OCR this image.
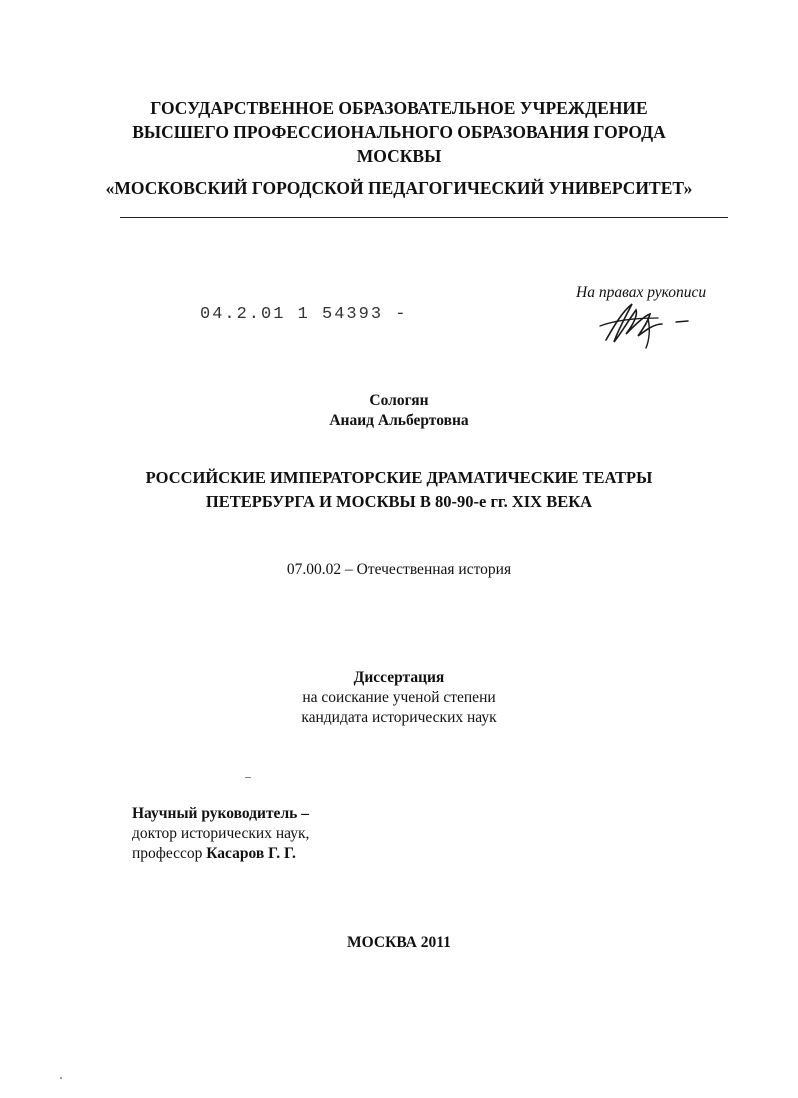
ГОСУДАРСТВЕННОЕ ОБРАЗОВАТЕЛЬНОЕ УЧРЕЖДЕНИЕ
ВЫСШЕГО ПРОФЕССИОНАЛЬНОГО ОБРАЗОВАНИЯ ГОРОДА
МОСКВЫ
«МОСКОВСКИЙ ГОРОДСКОЙ ПЕДАГОГИЧЕСКИЙ УНИВЕРСИТЕТ»
На правах рукописи
04.2.01 1 54393 -
Сологян
Анаид Альбертовна
РОССИЙСКИЕ ИМПЕРАТОРСКИЕ ДРАМАТИЧЕСКИЕ ТЕАТРЫ
ПЕТЕРБУРГА И МОСКВЫ В 80-90-е гг. XIX ВЕКА
07.00.02 – Отечественная история
Диссертация
на соискание ученой степени
кандидата исторических наук
Научный руководитель –
доктор исторических наук,
профессор Касаров Г. Г.
МОСКВА 2011
